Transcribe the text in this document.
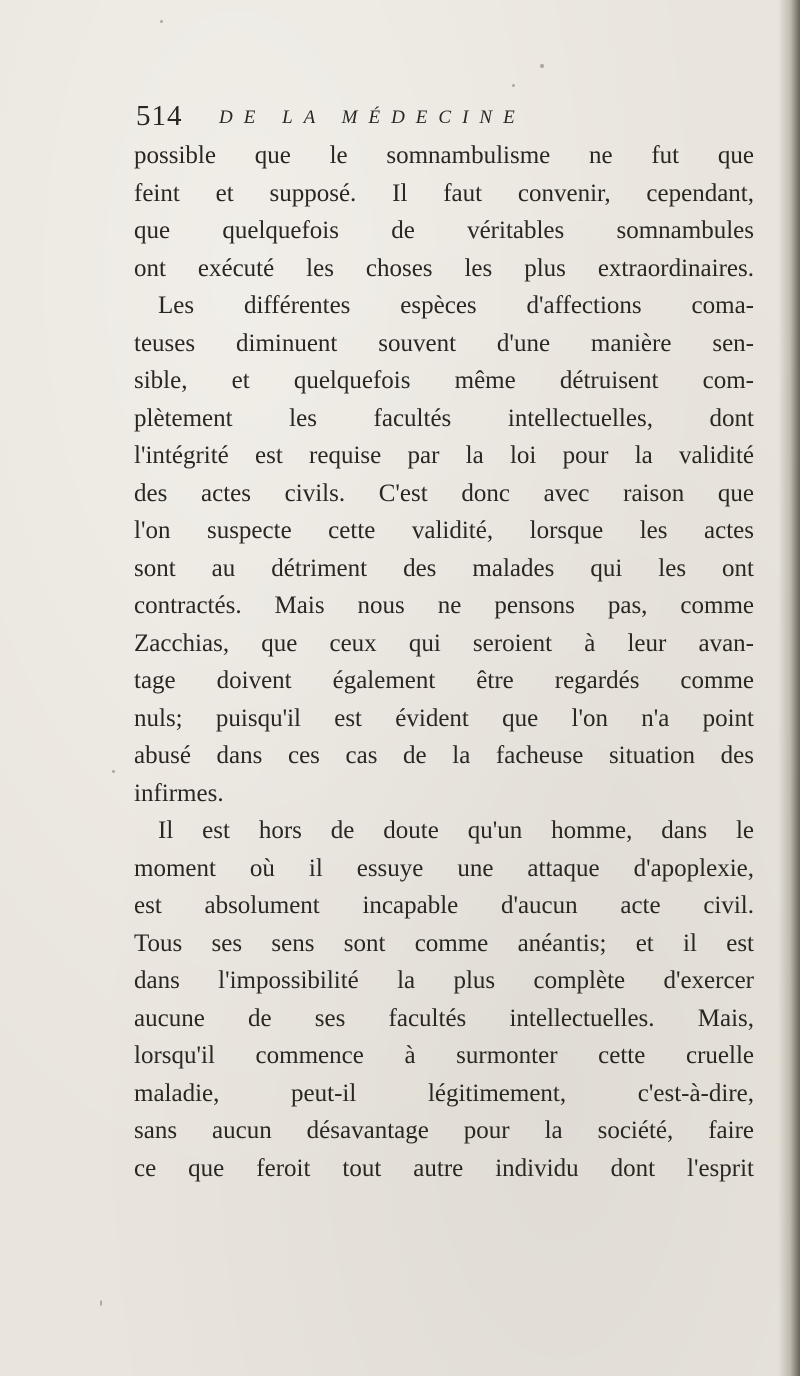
514 DE LA MÉDECINE
possible que le somnambulisme ne fut que
feint et supposé. Il faut convenir, cependant,
que quelquefois de véritables somnambules
ont exécuté les choses les plus extraordinaires.
Les différentes espèces d'affections coma-
teuses diminuent souvent d'une manière sen-
sible, et quelquefois même détruisent com-
plètement les facultés intellectuelles, dont
l'intégrité est requise par la loi pour la validité
des actes civils. C'est donc avec raison que
l'on suspecte cette validité, lorsque les actes
sont au détriment des malades qui les ont
contractés. Mais nous ne pensons pas, comme
Zacchias, que ceux qui seroient à leur avan-
tage doivent également être regardés comme
nuls; puisqu'il est évident que l'on n'a point
abusé dans ces cas de la facheuse situation des
infirmes.
Il est hors de doute qu'un homme, dans le
moment où il essuye une attaque d'apoplexie,
est absolument incapable d'aucun acte civil.
Tous ses sens sont comme anéantis; et il est
dans l'impossibilité la plus complète d'exercer
aucune de ses facultés intellectuelles. Mais,
lorsqu'il commence à surmonter cette cruelle
maladie, peut-il légitimement, c'est-à-dire,
sans aucun désavantage pour la société, faire
ce que feroit tout autre individu dont l'esprit
